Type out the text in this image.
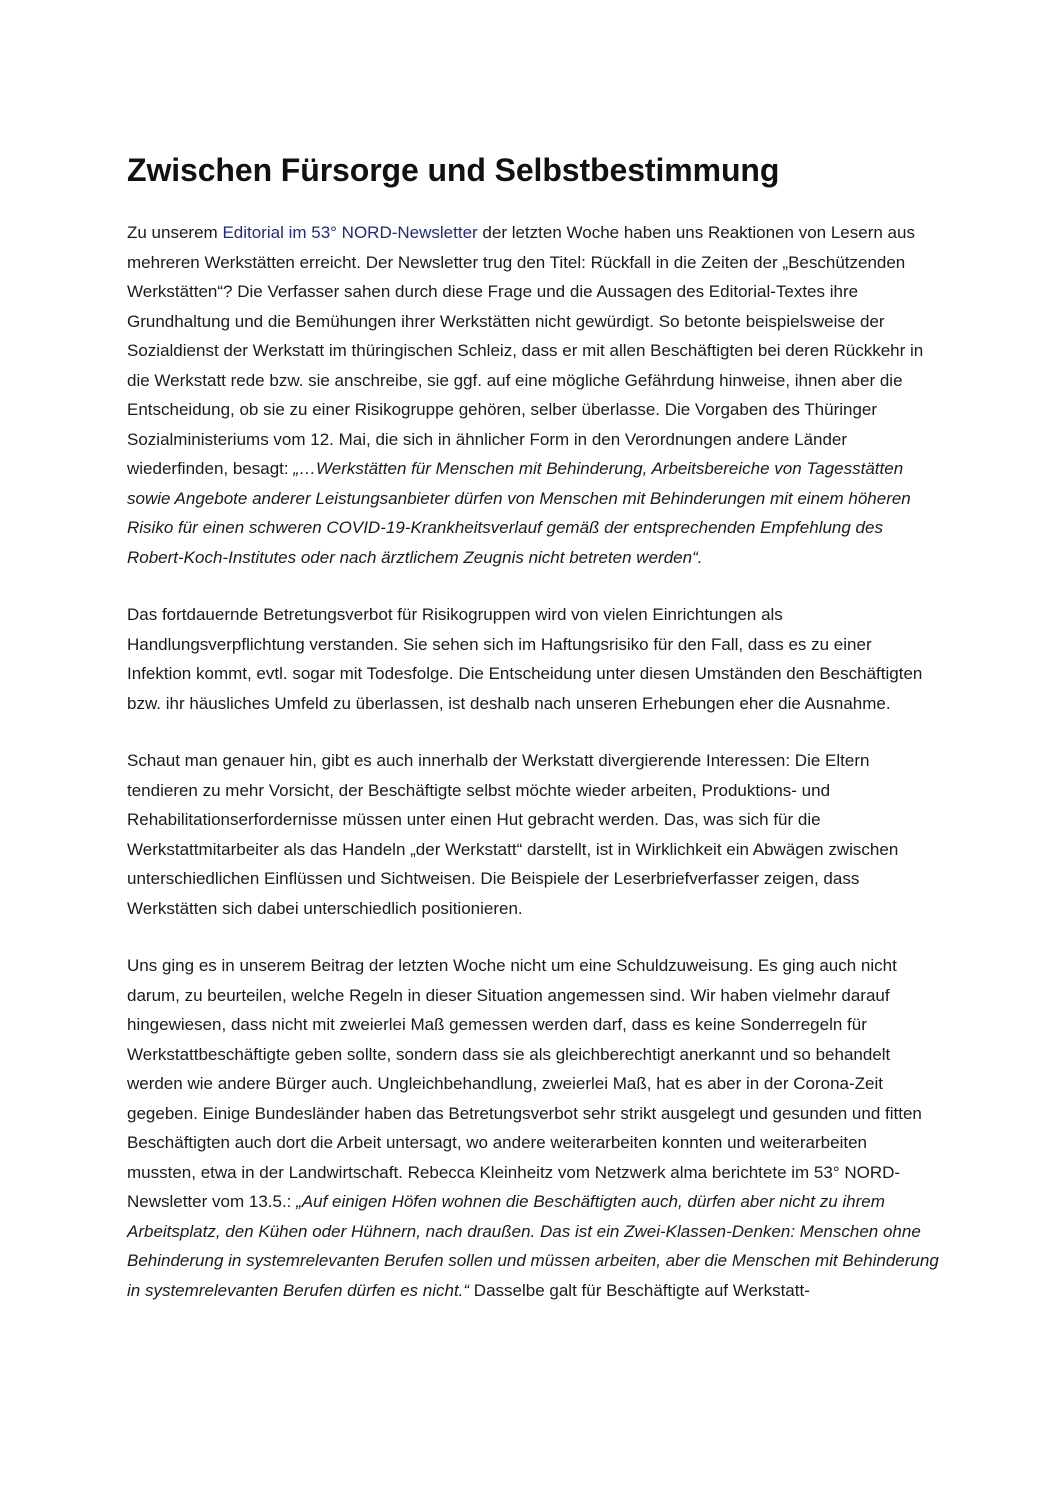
Zwischen Fürsorge und Selbstbestimmung

Zu unserem Editorial im 53° NORD-Newsletter der letzten Woche haben uns Reaktionen von Lesern aus mehreren Werkstätten erreicht. Der Newsletter trug den Titel: Rückfall in die Zeiten der „Beschützenden Werkstätten“? Die Verfasser sahen durch diese Frage und die Aussagen des Editorial-Textes ihre Grundhaltung und die Bemühungen ihrer Werkstätten nicht gewürdigt. So betonte beispielsweise der Sozialdienst der Werkstatt im thüringischen Schleiz, dass er mit allen Beschäftigten bei deren Rückkehr in die Werkstatt rede bzw. sie anschreibe, sie ggf. auf eine mögliche Gefährdung hinweise, ihnen aber die Entscheidung, ob sie zu einer Risikogruppe gehören, selber überlasse. Die Vorgaben des Thüringer Sozialministeriums vom 12. Mai, die sich in ähnlicher Form in den Verordnungen andere Länder wiederfinden, besagt: „…Werkstätten für Menschen mit Behinderung, Arbeitsbereiche von Tagesstätten sowie Angebote anderer Leistungsanbieter dürfen von Menschen mit Behinderungen mit einem höheren Risiko für einen schweren COVID-19-Krankheitsverlauf gemäß der entsprechenden Empfehlung des Robert-Koch-Institutes oder nach ärztlichem Zeugnis nicht betreten werden“.

Das fortdauernde Betretungsverbot für Risikogruppen wird von vielen Einrichtungen als Handlungsverpflichtung verstanden. Sie sehen sich im Haftungsrisiko für den Fall, dass es zu einer Infektion kommt, evtl. sogar mit Todesfolge. Die Entscheidung unter diesen Umständen den Beschäftigten bzw. ihr häusliches Umfeld zu überlassen, ist deshalb nach unseren Erhebungen eher die Ausnahme.

Schaut man genauer hin, gibt es auch innerhalb der Werkstatt divergierende Interessen: Die Eltern tendieren zu mehr Vorsicht, der Beschäftigte selbst möchte wieder arbeiten, Produktions- und Rehabilitationserfordernisse müssen unter einen Hut gebracht werden. Das, was sich für die Werkstattmitarbeiter als das Handeln „der Werkstatt“ darstellt, ist in Wirklichkeit ein Abwägen zwischen unterschiedlichen Einflüssen und Sichtweisen. Die Beispiele der Leserbriefverfasser zeigen, dass Werkstätten sich dabei unterschiedlich positionieren.

Uns ging es in unserem Beitrag der letzten Woche nicht um eine Schuldzuweisung. Es ging auch nicht darum, zu beurteilen, welche Regeln in dieser Situation angemessen sind. Wir haben vielmehr darauf hingewiesen, dass nicht mit zweierlei Maß gemessen werden darf, dass es keine Sonderregeln für Werkstattbeschäftigte geben sollte, sondern dass sie als gleichberechtigt anerkannt und so behandelt werden wie andere Bürger auch. Ungleichbehandlung, zweierlei Maß, hat es aber in der Corona-Zeit gegeben. Einige Bundesländer haben das Betretungsverbot sehr strikt ausgelegt und gesunden und fitten Beschäftigten auch dort die Arbeit untersagt, wo andere weiterarbeiten konnten und weiterarbeiten mussten, etwa in der Landwirtschaft. Rebecca Kleinheitz vom Netzwerk alma berichtete im 53° NORD- Newsletter vom 13.5.: „Auf einigen Höfen wohnen die Beschäftigten auch, dürfen aber nicht zu ihrem Arbeitsplatz, den Kühen oder Hühnern, nach draußen. Das ist ein Zwei-Klassen-Denken: Menschen ohne Behinderung in systemrelevanten Berufen sollen und müssen arbeiten, aber die Menschen mit Behinderung in systemrelevanten Berufen dürfen es nicht.“ Dasselbe galt für Beschäftigte auf Werkstatt-
